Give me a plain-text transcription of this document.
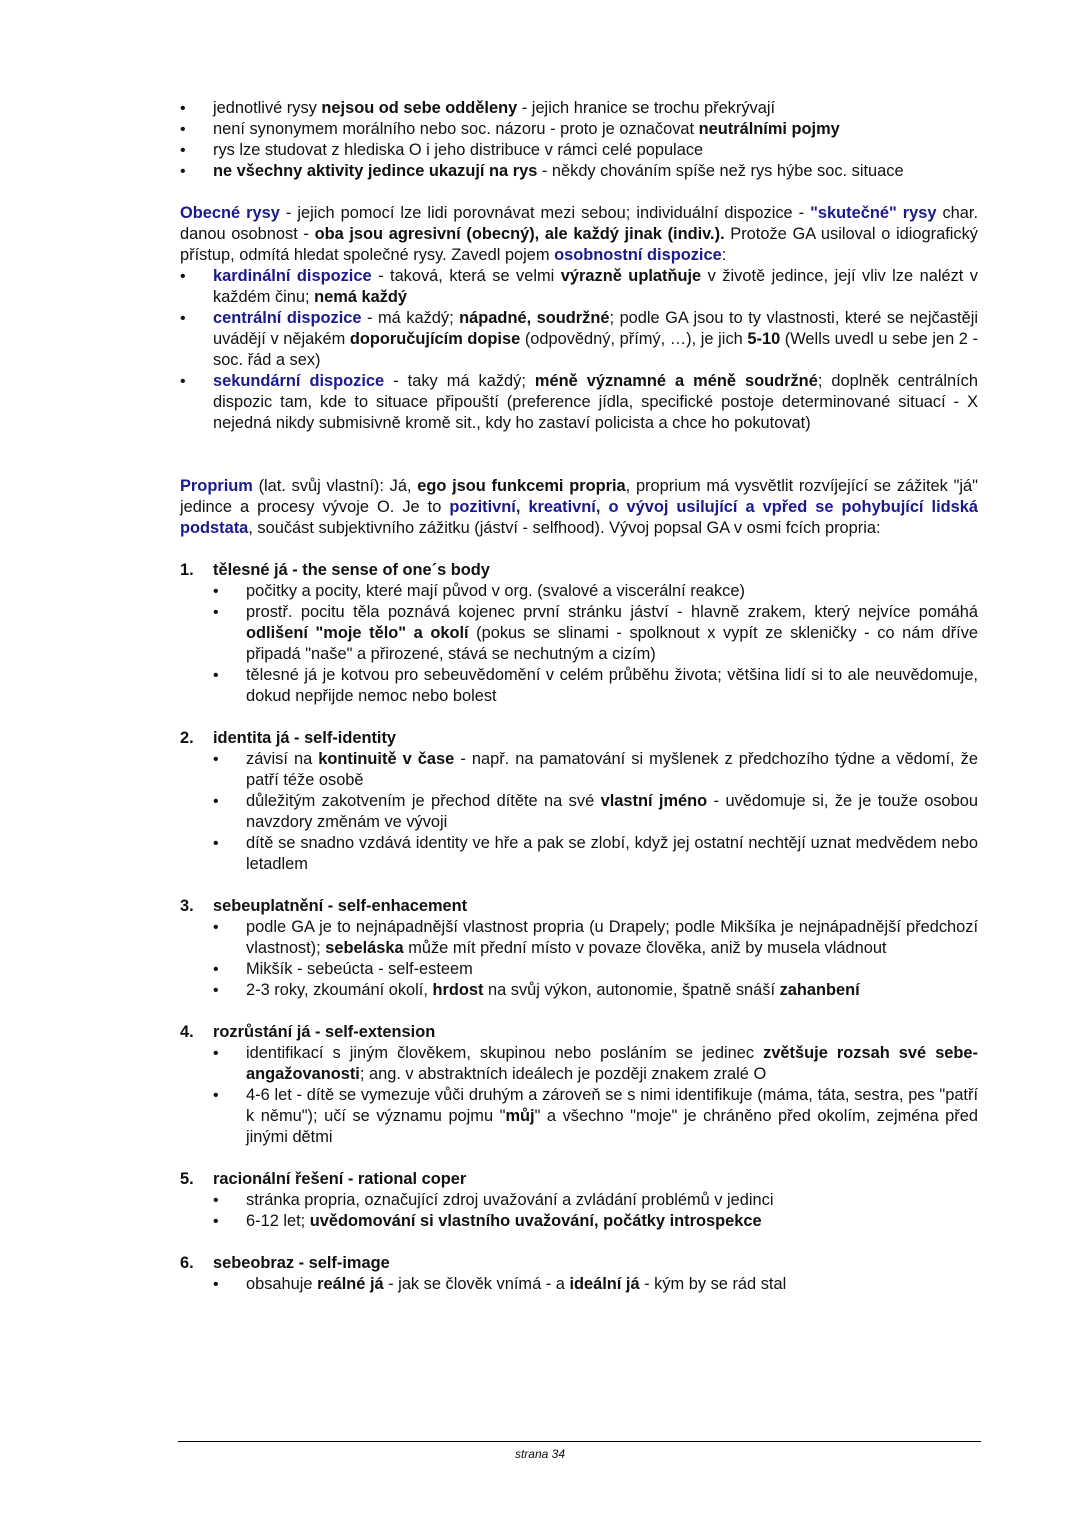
• jednotlivé rysy nejsou od sebe odděleny - jejich hranice se trochu překrývají
• není synonymem morálního nebo soc. názoru - proto je označovat neutrálními pojmy
• rys lze studovat z hlediska O i jeho distribuce v rámci celé populace
• ne všechny aktivity jedince ukazují na rys - někdy chováním spíše než rys hýbe soc. situace

Obecné rysy - jejich pomocí lze lidi porovnávat mezi sebou; individuální dispozice - "skutečné" rysy char. danou osobnost - oba jsou agresivní (obecný), ale každý jinak (indiv.). Protože GA usiloval o idiografický přístup, odmítá hledat společné rysy. Zavedl pojem osobnostní dispozice:

• kardinální dispozice - taková, která se velmi výrazně uplatňuje v životě jedince, její vliv lze nalézt v každém činu; nemá každý
• centrální dispozice - má každý; nápadné, soudržné; podle GA jsou to ty vlastnosti, které se nejčastěji uvádějí v nějakém doporučujícím dopise (odpovědný, přímý, …), je jich 5-10 (Wells uvedl u sebe jen 2 - soc. řád a sex)
• sekundární dispozice - taky má každý; méně významné a méně soudržné; doplněk centrálních dispozic tam, kde to situace připouští (preference jídla, specifické postoje determinované situací - X nejedná nikdy submisivně kromě sit., kdy ho zastaví policista a chce ho pokutovat)

Proprium (lat. svůj vlastní): Já, ego jsou funkcemi propria, proprium má vysvětlit rozvíjející se zážitek "já" jedince a procesy vývoje O. Je to pozitivní, kreativní, o vývoj usilující a vpřed se pohybující lidská podstata, součást subjektivního zážitku (jáství - selfhood). Vývoj popsal GA v osmi fcích propria:

1. tělesné já - the sense of one´s body
• počitky a pocity, které mají původ v org. (svalové a viscerální reakce)
• prostř. pocitu těla poznává kojenec první stránku jáství - hlavně zrakem, který nejvíce pomáhá odlišení "moje tělo" a okolí (pokus se slinami - spolknout x vypít ze skleničky - co nám dříve připadá "naše" a přirozené, stává se nechutným a cizím)
• tělesné já je kotvou pro sebeuvědomění v celém průběhu života; většina lidí si to ale neuvědomuje, dokud nepřijde nemoc nebo bolest
2. identita já - self-identity
• závisí na kontinuitě v čase - např. na pamatování si myšlenek z předchozího týdne a vědomí, že patří téže osobě
• důležitým zakotvením je přechod dítěte na své vlastní jméno - uvědomuje si, že je touže osobou navzdory změnám ve vývoji
• dítě se snadno vzdává identity ve hře a pak se zlobí, když jej ostatní nechtějí uznat medvědem nebo letadlem
3. sebeuplatnění - self-enhacement
• podle GA je to nejnápadnější vlastnost propria (u Drapely; podle Mikšíka je nejnápadnější předchozí vlastnost); sebeláska může mít přední místo v povaze člověka, aniž by musela vládnout
• Mikšík - sebeúcta - self-esteem
• 2-3 roky, zkoumání okolí, hrdost na svůj výkon, autonomie, špatně snáší zahanbení
4. rozrůstání já - self-extension
• identifikací s jiným člověkem, skupinou nebo posláním se jedinec zvětšuje rozsah své sebe-angažovanosti; ang. v abstraktních ideálech je později znakem zralé O
• 4-6 let - dítě se vymezuje vůči druhým a zároveň se s nimi identifikuje (máma, táta, sestra, pes "patří k němu"); učí se významu pojmu "můj" a všechno "moje" je chráněno před okolím, zejména před jinými dětmi
5. racionální řešení - rational coper
• stránka propria, označující zdroj uvažování a zvládání problémů v jedinci
• 6-12 let; uvědomování si vlastního uvažování, počátky introspekce
6. sebeobraz - self-image
• obsahuje reálné já - jak se člověk vnímá - a ideální já - kým by se rád stal
strana 34
